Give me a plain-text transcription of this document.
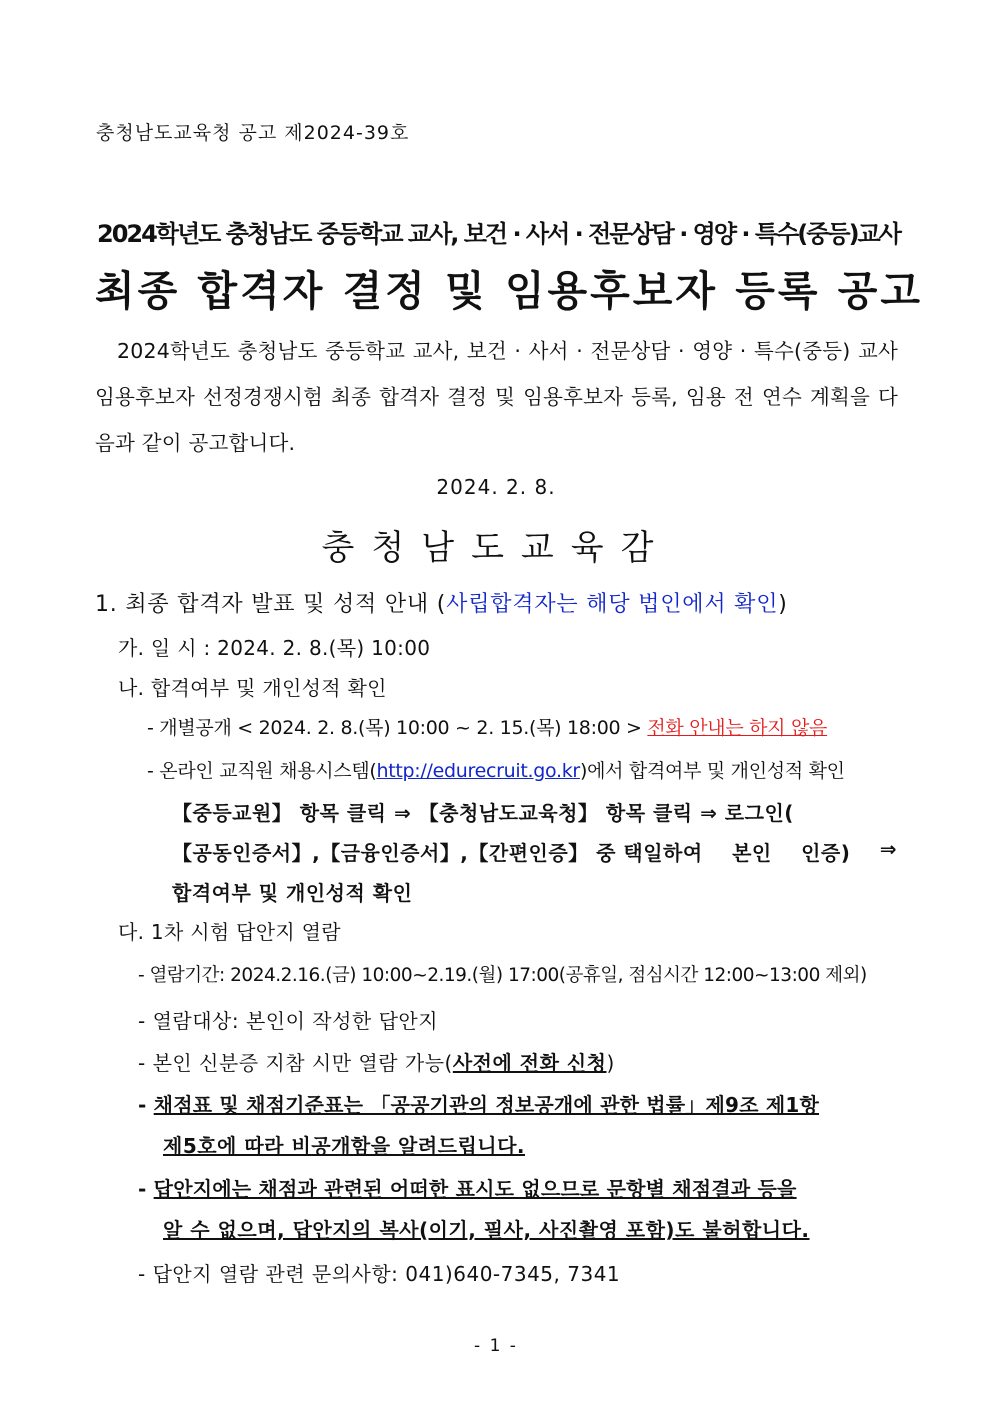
충청남도교육청 공고 제2024-39호
2024학년도 충청남도 중등학교 교사, 보건 · 사서 · 전문상담 · 영양 · 특수(중등)교사
최종 합격자 결정 및 임용후보자 등록 공고
2024학년도 충청남도 중등학교 교사, 보건 · 사서 · 전문상담 · 영양 · 특수(중등) 교사 임용후보자 선정경쟁시험 최종 합격자 결정 및 임용후보자 등록, 임용 전 연수 계획을 다음과 같이 공고합니다.
2024. 2. 8.
충청남도교육감
1. 최종 합격자 발표 및 성적 안내 (사립합격자는 해당 법인에서 확인)
가. 일 시 : 2024. 2. 8.(목) 10:00
나. 합격여부 및 개인성적 확인
- 개별공개 < 2024. 2. 8.(목) 10:00 ~ 2. 15.(목) 18:00 > 전화 안내는 하지 않음
- 온라인 교직원 채용시스템(http://edurecruit.go.kr)에서 합격여부 및 개인성적 확인
【중등교원】 항목 클릭 ⇒ 【충청남도교육청】 항목 클릭 ⇒ 로그인(
【공동인증서】,【금융인증서】,【간편인증】 중 택일하여 본인 인증) ⇒
합격여부 및 개인성적 확인
다. 1차 시험 답안지 열람
- 열람기간: 2024.2.16.(금) 10:00~2.19.(월) 17:00(공휴일, 점심시간 12:00~13:00 제외)
- 열람대상: 본인이 작성한 답안지
- 본인 신분증 지참 시만 열람 가능(사전에 전화 신청)
- 채점표 및 채점기준표는 「공공기관의 정보공개에 관한 법률」제9조 제1항
제5호에 따라 비공개함을 알려드립니다.
- 답안지에는 채점과 관련된 어떠한 표시도 없으므로 문항별 채점결과 등을
알 수 없으며, 답안지의 복사(이기, 필사, 사진촬영 포함)도 불허합니다.
- 답안지 열람 관련 문의사항: 041)640-7345, 7341
- 1 -
